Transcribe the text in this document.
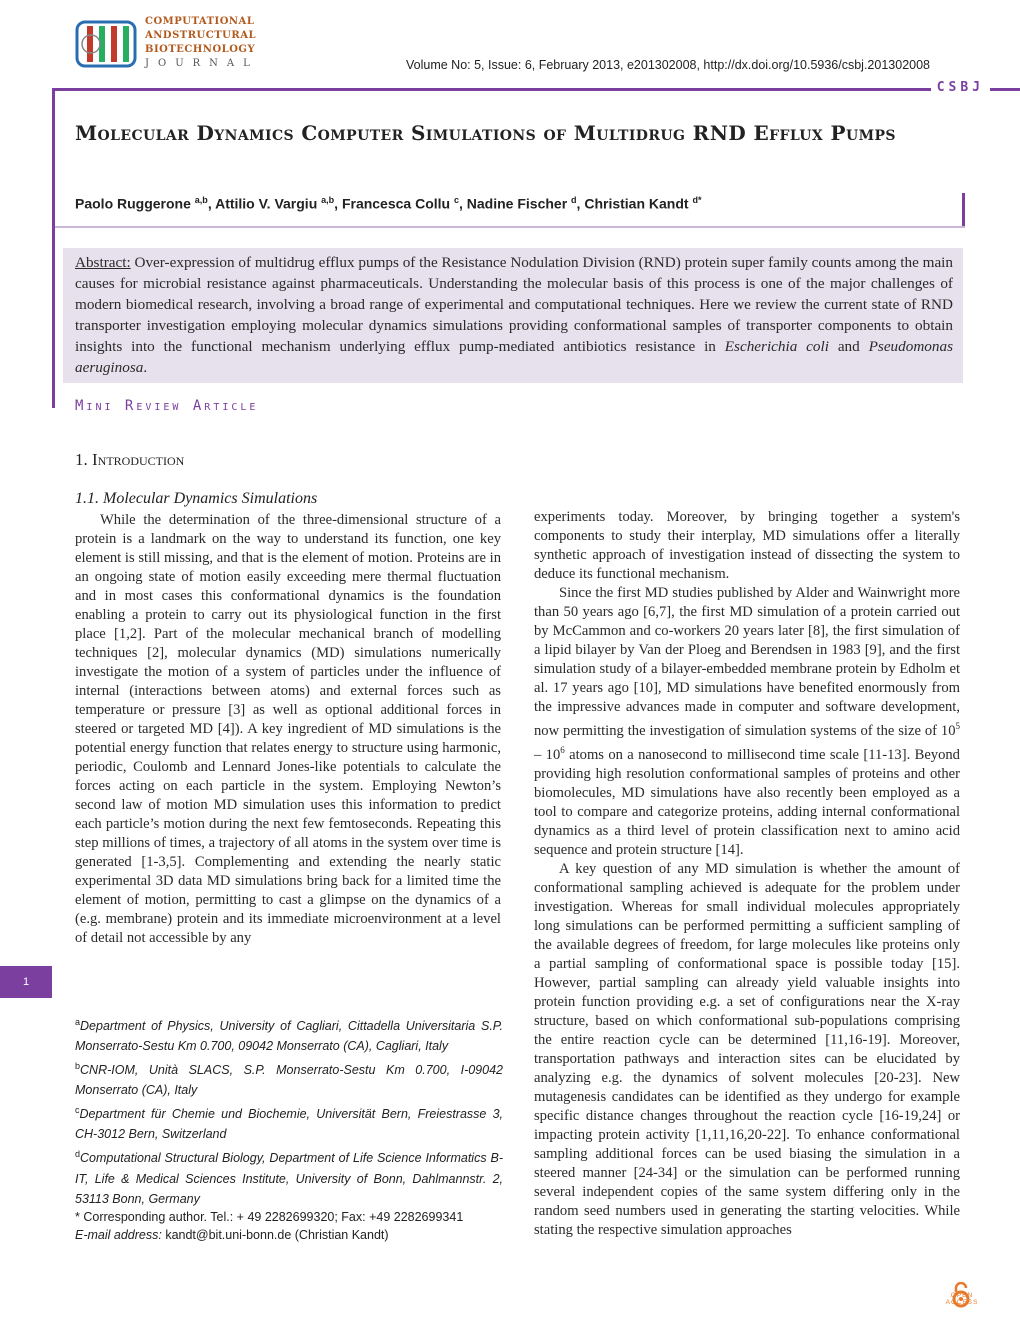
COMPUTATIONAL
ANDSTRUCTURAL
BIOTECHNOLOGY
JOURNAL	Volume No: 5, Issue: 6, February 2013, e201302008, http://dx.doi.org/10.5936/csbj.201302008
CSBJ
Molecular Dynamics Computer Simulations of Multidrug RND Efflux Pumps
Paolo Ruggerone $^{a,b}$, Attilio V. Vargiu $^{a,b}$, Francesca Collu $^c$, Nadine Fischer $^d$, Christian Kandt $^{d*}$
Abstract: Over-expression of multidrug efflux pumps of the Resistance Nodulation Division (RND) protein super family counts among the main causes for microbial resistance against pharmaceuticals. Understanding the molecular basis of this process is one of the major challenges of modern biomedical research, involving a broad range of experimental and computational techniques. Here we review the current state of RND transporter investigation employing molecular dynamics simulations providing conformational samples of transporter components to obtain insights into the functional mechanism underlying efflux pump-mediated antibiotics resistance in Escherichia coli and Pseudomonas aeruginosa.
Mini Review Article
1. Introduction
1.1. Molecular Dynamics Simulations

While the determination of the three-dimensional structure of a protein is a landmark on the way to understand its function, one key element is still missing, and that is the element of motion. Proteins are in an ongoing state of motion easily exceeding mere thermal fluctuation and in most cases this conformational dynamics is the foundation enabling a protein to carry out its physiological function in the first place [1,2]. Part of the molecular mechanical branch of modelling techniques [2], molecular dynamics (MD) simulations numerically investigate the motion of a system of particles under the influence of internal (interactions between atoms) and external forces such as temperature or pressure [3] as well as optional additional forces in steered or targeted MD [4]). A key ingredient of MD simulations is the potential energy function that relates energy to structure using harmonic, periodic, Coulomb and Lennard Jones-like potentials to calculate the forces acting on each particle in the system. Employing Newton’s second law of motion MD simulation uses this information to predict each particle’s motion during the next few femtoseconds. Repeating this step millions of times, a trajectory of all atoms in the system over time is generated [1-3,5]. Complementing and extending the nearly static experimental 3D data MD simulations bring back for a limited time the element of motion, permitting to cast a glimpse on the dynamics of a (e.g. membrane) protein and its immediate microenvironment at a level of detail not accessible by any

experiments today. Moreover, by bringing together a system's components to study their interplay, MD simulations offer a literally synthetic approach of investigation instead of dissecting the system to deduce its functional mechanism.

Since the first MD studies published by Alder and Wainwright more than 50 years ago [6,7], the first MD simulation of a protein carried out by McCammon and co-workers 20 years later [8], the first simulation of a lipid bilayer by Van der Ploeg and Berendsen in 1983 [9], and the first simulation study of a bilayer-embedded membrane protein by Edholm et al. 17 years ago [10], MD simulations have benefited enormously from the impressive advances made in computer and software development, now permitting the investigation of simulation systems of the size of $10^5 - 10^6$ atoms on a nanosecond to millisecond time scale [11-13]. Beyond providing high resolution conformational samples of proteins and other biomolecules, MD simulations have also recently been employed as a tool to compare and categorize proteins, adding internal conformational dynamics as a third level of protein classification next to amino acid sequence and protein structure [14].

A key question of any MD simulation is whether the amount of conformational sampling achieved is adequate for the problem under investigation. Whereas for small individual molecules appropriately long simulations can be performed permitting a sufficient sampling of the available degrees of freedom, for large molecules like proteins only a partial sampling of conformational space is possible today [15]. However, partial sampling can already yield valuable insights into protein function providing e.g. a set of configurations near the X-ray structure, based on which conformational sub-populations comprising the entire reaction cycle can be determined [11,16-19]. Moreover, transportation pathways and interaction sites can be elucidated by analyzing e.g. the dynamics of solvent molecules [20-23]. New mutagenesis candidates can be identified as they undergo for example specific distance changes throughout the reaction cycle [16-19,24] or impacting protein activity [1,11,16,20-22]. To enhance conformational sampling additional forces can be used biasing the simulation in a steered manner [24-34] or the simulation can be performed running several independent copies of the same system differing only in the random seed numbers used in generating the starting velocities. While stating the respective simulation approaches

1
$^a$Department of Physics, University of Cagliari, Cittadella Universitaria S.P. Monserrato-Sestu Km 0.700, 09042 Monserrato (CA), Cagliari, Italy
$^b$CNR-IOM, Unità SLACS, S.P. Monserrato-Sestu Km 0.700, I-09042 Monserrato (CA), Italy
$^c$Department für Chemie und Biochemie, Universität Bern, Freiestrasse 3, CH-3012 Bern, Switzerland
$^d$Computational Structural Biology, Department of Life Science Informatics B-IT, Life & Medical Sciences Institute, University of Bonn, Dahlmannstr. 2, 53113 Bonn, Germany
* Corresponding author. Tel.: + 49 2282699320; Fax: +49 2282699341
E-mail address: kandt@bit.uni-bonn.de (Christian Kandt)
OPEN ACCESS
